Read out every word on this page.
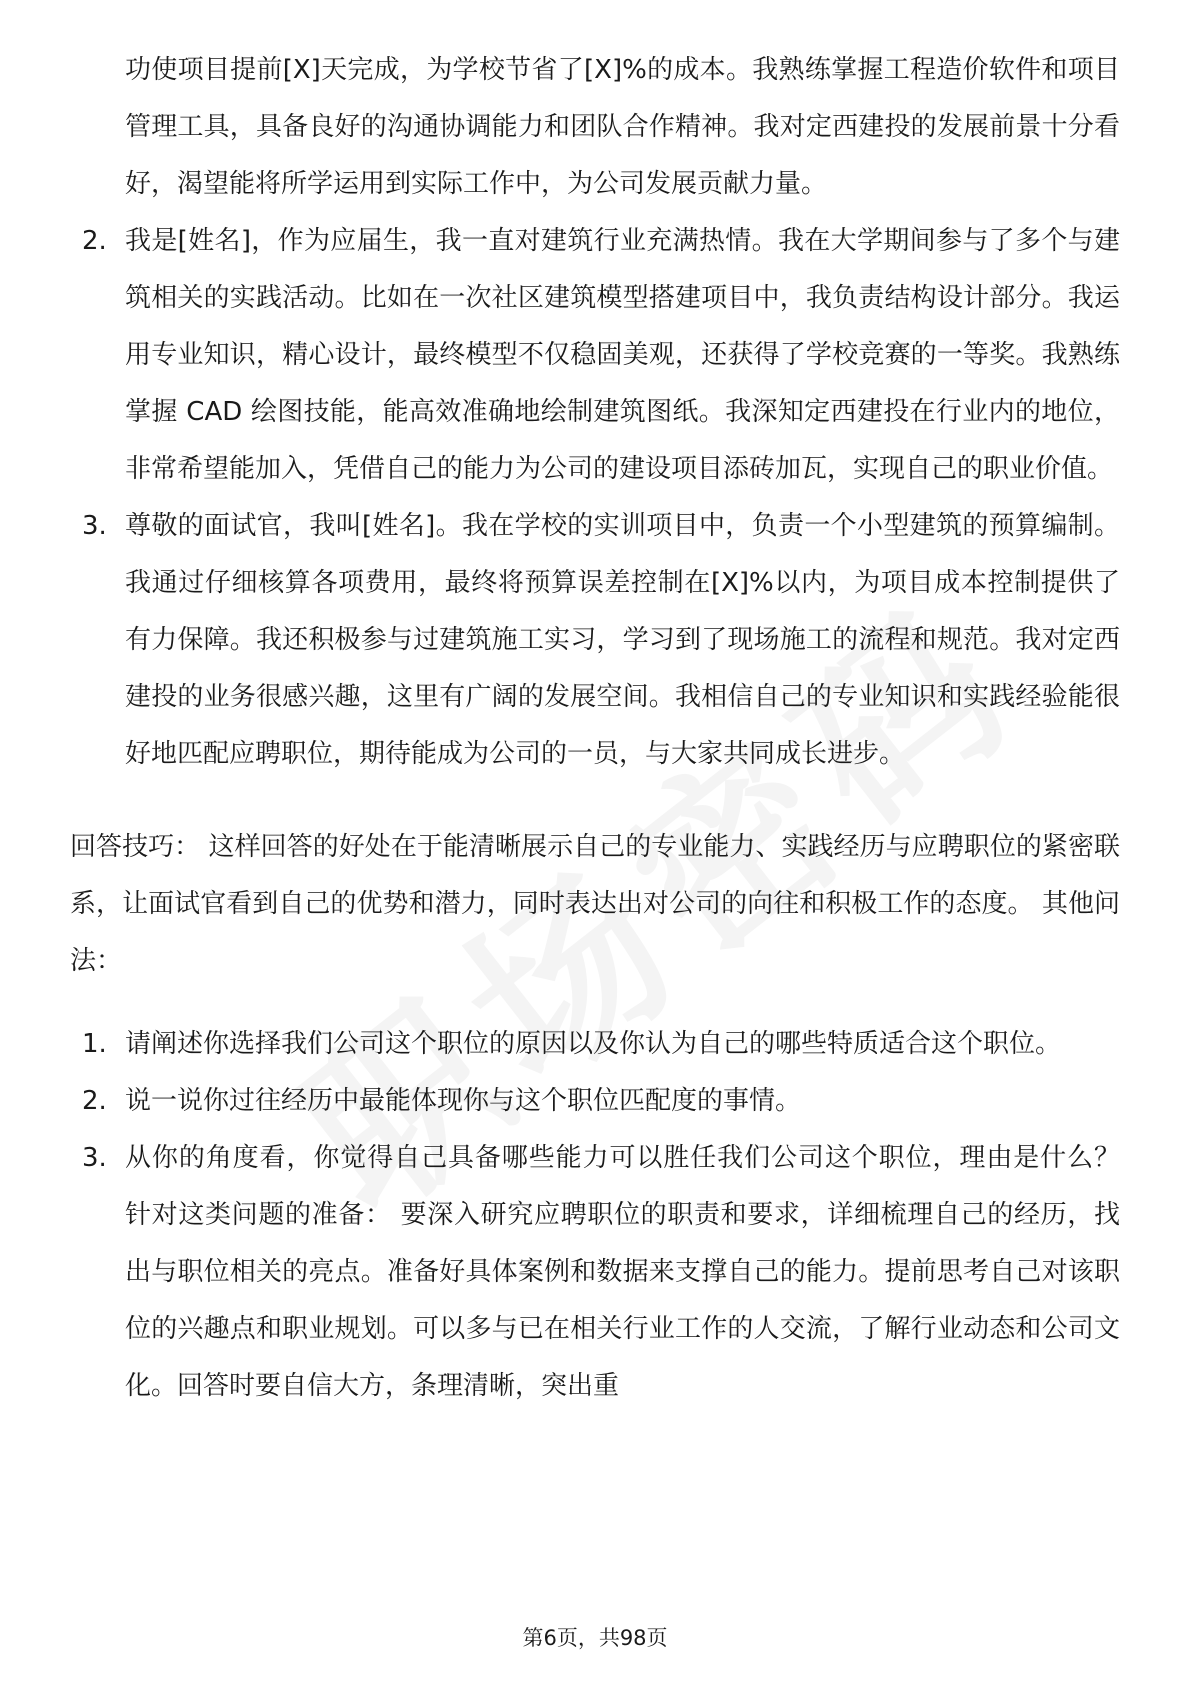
功使项目提前[X]天完成，为学校节省了[X]%的成本。我熟练掌握工程造价软件和项目管理工具，具备良好的沟通协调能力和团队合作精神。我对定西建投的发展前景十分看好，渴望能将所学运用到实际工作中，为公司发展贡献力量。

2. 我是[姓名]，作为应届生，我一直对建筑行业充满热情。我在大学期间参与了多个与建筑相关的实践活动。比如在一次社区建筑模型搭建项目中，我负责结构设计部分。我运用专业知识，精心设计，最终模型不仅稳固美观，还获得了学校竞赛的一等奖。我熟练掌握 CAD 绘图技能，能高效准确地绘制建筑图纸。我深知定西建投在行业内的地位，非常希望能加入，凭借自己的能力为公司的建设项目添砖加瓦，实现自己的职业价值。
3. 尊敬的面试官，我叫[姓名]。我在学校的实训项目中，负责一个小型建筑的预算编制。我通过仔细核算各项费用，最终将预算误差控制在[X]%以内，为项目成本控制提供了有力保障。我还积极参与过建筑施工实习，学习到了现场施工的流程和规范。我对定西建投的业务很感兴趣，这里有广阔的发展空间。我相信自己的专业知识和实践经验能很好地匹配应聘职位，期待能成为公司的一员，与大家共同成长进步。

回答技巧： 这样回答的好处在于能清晰展示自己的专业能力、实践经历与应聘职位的紧密联系，让面试官看到自己的优势和潜力，同时表达出对公司的向往和积极工作的态度。 其他问法：

1. 请阐述你选择我们公司这个职位的原因以及你认为自己的哪些特质适合这个职位。
2. 说一说你过往经历中最能体现你与这个职位匹配度的事情。
3. 从你的角度看，你觉得自己具备哪些能力可以胜任我们公司这个职位，理由是什么？ 针对这类问题的准备： 要深入研究应聘职位的职责和要求，详细梳理自己的经历，找出与职位相关的亮点。准备好具体案例和数据来支撑自己的能力。提前思考自己对该职位的兴趣点和职业规划。可以多与已在相关行业工作的人交流，了解行业动态和公司文化。回答时要自信大方，条理清晰，突出重
第6页，共98页
